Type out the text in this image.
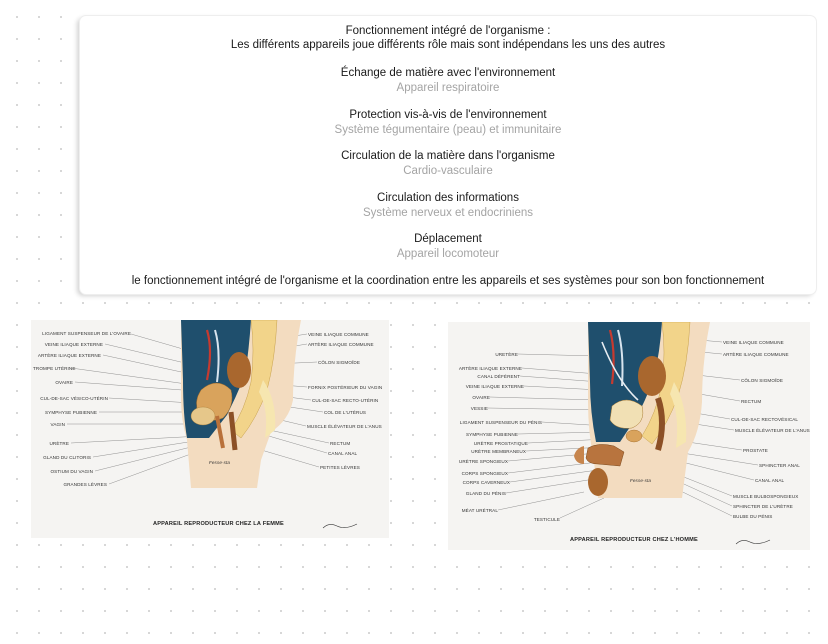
Fonctionnement intégré de l'organisme :
Les différents appareils joue différents rôle mais sont indépendans les uns des autres
Échange de matière avec l'environnement
Appareil respiratoire
Protection vis-à-vis de l'environnement
Système tégumentaire (peau) et immunitaire
Circulation de la matière dans l'organisme
Cardio-vasculaire
Circulation des informations
Système nerveux et endocriniens
Déplacement
Appareil locomoteur
le fonctionnement intégré de l'organisme et la coordination entre les appareils et ses systèmes pour son bon fonctionnement
LIGAMENT SUSPENSEUR DE L'OVAIRE
VEINE ILIAQUE EXTERNE
ARTÈRE ILIAQUE EXTERNE
TROMPE UTÉRINE
OVAIRE
CUL-DE-SAC VÉSICO-UTÉRIN
SYMPHYSE PUBIENNE
VAGIN
URÈTRE
GLAND DU CLITORIS
OSTIUM DU VAGIN
GRANDES LÈVRES
VEINE ILIAQUE COMMUNE
ARTÈRE ILIAQUE COMMUNE
CÔLON SIGMOÏDE
FORNIX POSTÉRIEUR DU VAGIN
CUL-DE-SAC RECTO-UTÉRIN
COL DE L'UTÉRUS
MUSCLE ÉLÉVATEUR DE L'ANUS
RECTUM
CANAL ANAL
PETITES LÈVRES
Fesse-sta
APPAREIL REPRODUCTEUR CHEZ LA FEMME
URETÈRE
ARTÈRE ILIAQUE EXTERNE
CANAL DÉFÉRENT
VEINE ILIAQUE EXTERNE
OVAIRE
VESSIE
LIGAMENT SUSPENSEUR DU PÉNIS
SYMPHYSE PUBIENNE
URÈTRE PROSTATIQUE
URÈTRE MEMBRANEUX
URÈTRE SPONGIEUX
CORPS SPONGIEUX
CORPS CAVERNEUX
GLAND DU PÉNIS
MÉAT URÉTRAL
TESTICULE
VEINE ILIAQUE COMMUNE
ARTÈRE ILIAQUE COMMUNE
CÔLON SIGMOÏDE
RECTUM
CUL-DE-SAC RECTOVÉSICAL
MUSCLE ÉLÉVATEUR DE L'ANUS
PROSTATE
SPHINCTER ANAL
CANAL ANAL
MUSCLE BULBOSPONGIEUX
SPHINCTER DE L'URÈTRE
BULBE DU PÉNIS
Fesse-sta
APPAREIL REPRODUCTEUR CHEZ L'HOMME
